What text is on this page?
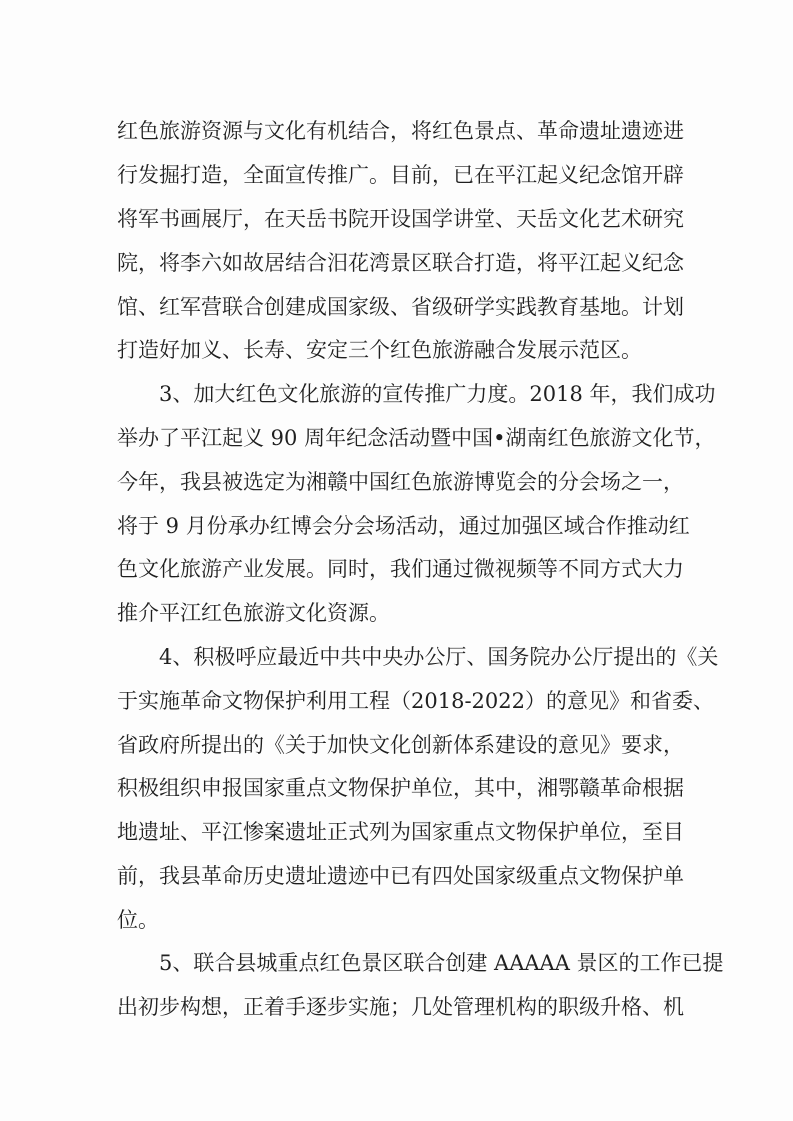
红色旅游资源与文化有机结合，将红色景点、革命遗址遗迹进
行发掘打造，全面宣传推广。目前，已在平江起义纪念馆开辟
将军书画展厅，在天岳书院开设国学讲堂、天岳文化艺术研究
院，将李六如故居结合汨花湾景区联合打造，将平江起义纪念
馆、红军营联合创建成国家级、省级研学实践教育基地。计划
打造好加义、长寿、安定三个红色旅游融合发展示范区。
3、加大红色文化旅游的宣传推广力度。2018 年，我们成功
举办了平江起义 90 周年纪念活动暨中国•湖南红色旅游文化节，
今年，我县被选定为湘赣中国红色旅游博览会的分会场之一，
将于 9 月份承办红博会分会场活动，通过加强区域合作推动红
色文化旅游产业发展。同时，我们通过微视频等不同方式大力
推介平江红色旅游文化资源。
4、积极呼应最近中共中央办公厅、国务院办公厅提出的《关
于实施革命文物保护利用工程（2018-2022）的意见》和省委、
省政府所提出的《关于加快文化创新体系建设的意见》要求，
积极组织申报国家重点文物保护单位，其中，湘鄂赣革命根据
地遗址、平江惨案遗址正式列为国家重点文物保护单位，至目
前，我县革命历史遗址遗迹中已有四处国家级重点文物保护单
位。
5、联合县城重点红色景区联合创建 AAAAA 景区的工作已提
出初步构想，正着手逐步实施；几处管理机构的职级升格、机
